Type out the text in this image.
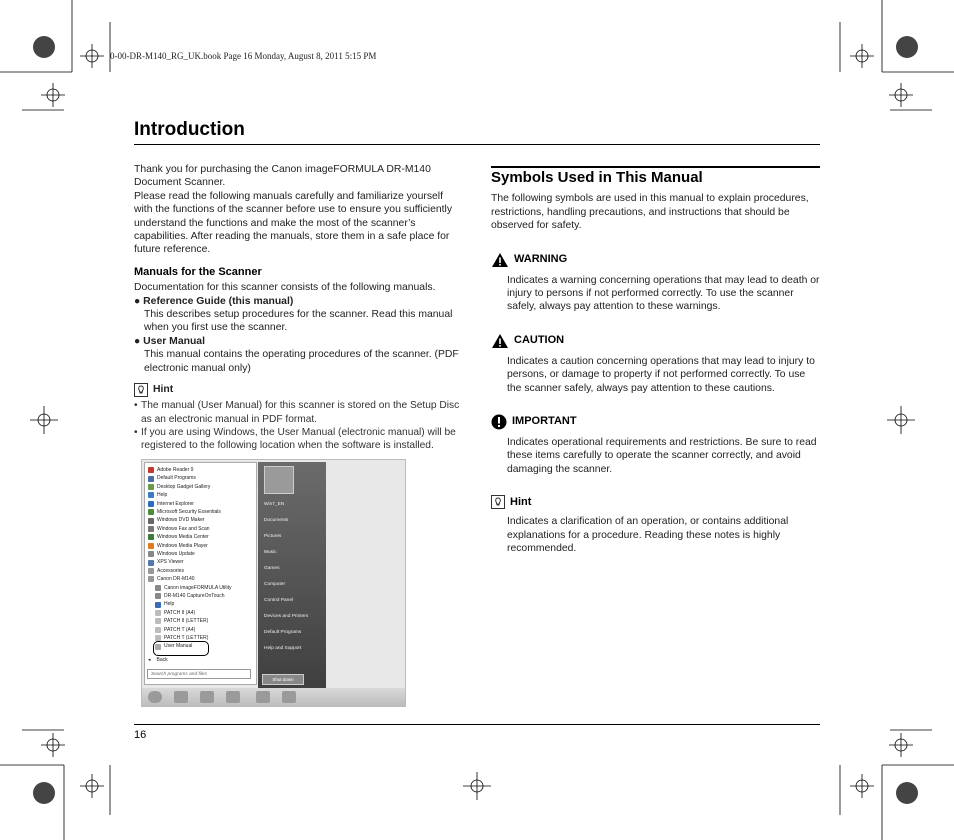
0-00-DR-M140_RG_UK.book Page 16 Monday, August 8, 2011 5:15 PM
Introduction

Thank you for purchasing the Canon imageFORMULA DR-M140 Document Scanner.

Please read the following manuals carefully and familiarize yourself with the functions of the scanner before use to ensure you sufficiently understand the functions and make the most of the scanner’s capabilities. After reading the manuals, store them in a safe place for future reference.

Manuals for the Scanner

Documentation for this scanner consists of the following manuals.

● Reference Guide (this manual)
This describes setup procedures for the scanner. Read this manual when you first use the scanner.
● User Manual
This manual contains the operating procedures of the scanner. (PDF electronic manual only)
Hint
• The manual (User Manual) for this scanner is stored on the Setup Disc as an electronic manual in PDF format.
• If you are using Windows, the User Manual (electronic manual) will be registered to the following location when the software is installed.
Adobe Reader 9
Default Programs
Desktop Gadget Gallery
Help
Internet Explorer
Microsoft Security Essentials
Windows DVD Maker
Windows Fax and Scan
Windows Media Center
Windows Media Player
Windows Update
XPS Viewer
Accessories
Canon DR-M140
Canon imageFORMULA Utility
DR-M140 CaptureOnTouch
Help
PATCH II (A4)
PATCH II (LETTER)
PATCH T (A4)
PATCH T (LETTER)
User Manual
◂ Back
Search programs and files
Win7_EN
Documents
Pictures
Music
Games
Computer
Control Panel
Devices and Printers
Default Programs
Help and Support
Shut down
Symbols Used in This Manual
The following symbols are used in this manual to explain procedures, restrictions, handling precautions, and instructions that should be observed for safety.
WARNING
Indicates a warning concerning operations that may lead to death or injury to persons if not performed correctly. To use the scanner safely, always pay attention to these warnings.
CAUTION
Indicates a caution concerning operations that may lead to injury to persons, or damage to property if not performed correctly. To use the scanner safely, always pay attention to these cautions.
IMPORTANT
Indicates operational requirements and restrictions. Be sure to read these items carefully to operate the scanner correctly, and avoid damaging the scanner.
Hint
Indicates a clarification of an operation, or contains additional explanations for a procedure. Reading these notes is highly recommended.
16
